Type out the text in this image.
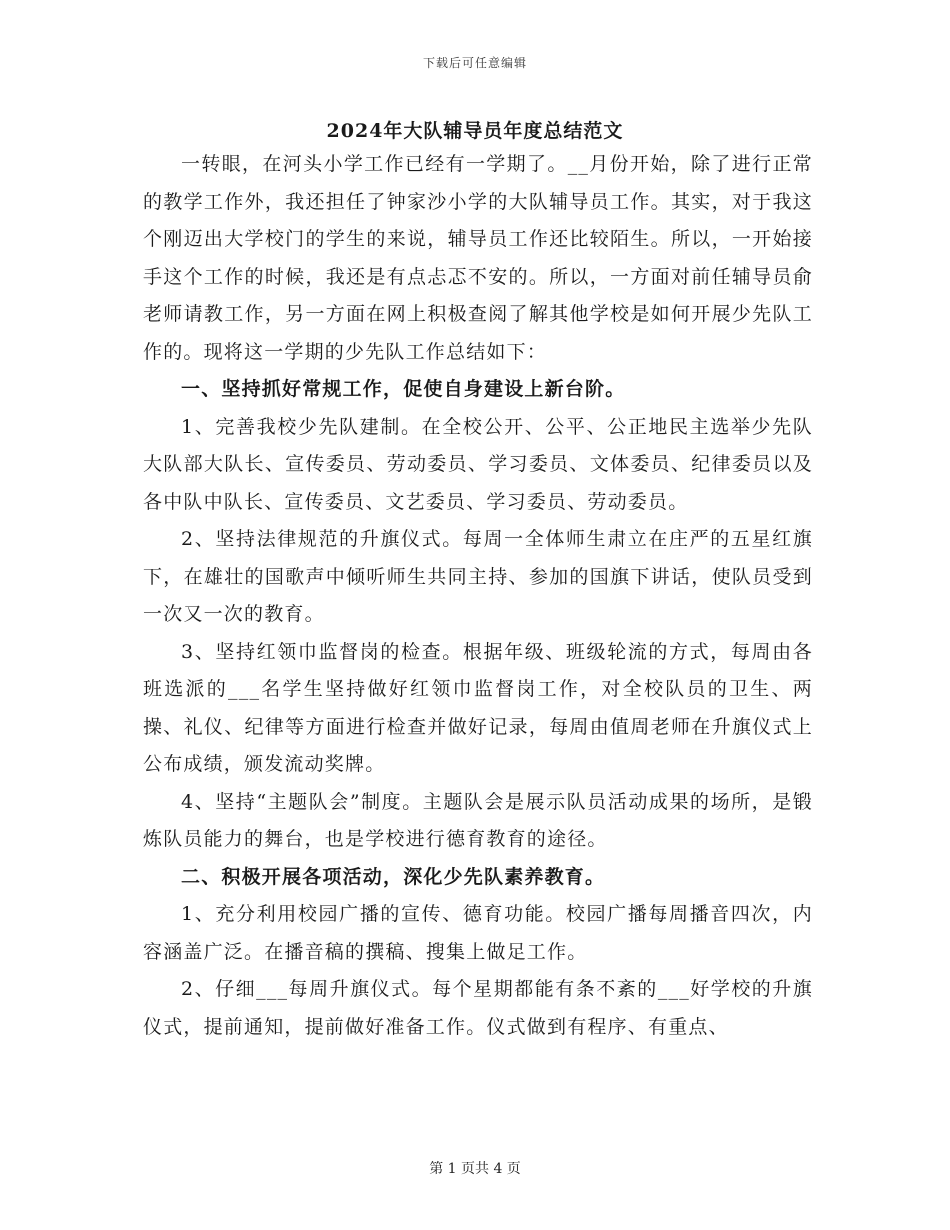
下载后可任意编辑
2024年大队辅导员年度总结范文

一转眼，在河头小学工作已经有一学期了。__月份开始，除了进行正常的教学工作外，我还担任了钟家沙小学的大队辅导员工作。其实，对于我这个刚迈出大学校门的学生的来说，辅导员工作还比较陌生。所以，一开始接手这个工作的时候，我还是有点忐忑不安的。所以，一方面对前任辅导员俞老师请教工作，另一方面在网上积极查阅了解其他学校是如何开展少先队工作的。现将这一学期的少先队工作总结如下：

一、坚持抓好常规工作，促使自身建设上新台阶。

1、完善我校少先队建制。在全校公开、公平、公正地民主选举少先队大队部大队长、宣传委员、劳动委员、学习委员、文体委员、纪律委员以及各中队中队长、宣传委员、文艺委员、学习委员、劳动委员。

2、坚持法律规范的升旗仪式。每周一全体师生肃立在庄严的五星红旗下，在雄壮的国歌声中倾听师生共同主持、参加的国旗下讲话，使队员受到一次又一次的教育。

3、坚持红领巾监督岗的检查。根据年级、班级轮流的方式，每周由各班选派的___名学生坚持做好红领巾监督岗工作，对全校队员的卫生、两操、礼仪、纪律等方面进行检查并做好记录，每周由值周老师在升旗仪式上公布成绩，颁发流动奖牌。

4、坚持“主题队会”制度。主题队会是展示队员活动成果的场所，是锻炼队员能力的舞台，也是学校进行德育教育的途径。

二、积极开展各项活动，深化少先队素养教育。

1、充分利用校园广播的宣传、德育功能。校园广播每周播音四次，内容涵盖广泛。在播音稿的撰稿、搜集上做足工作。

2、仔细___每周升旗仪式。每个星期都能有条不紊的___好学校的升旗仪式，提前通知，提前做好准备工作。仪式做到有程序、有重点、

第 1 页共 4 页
